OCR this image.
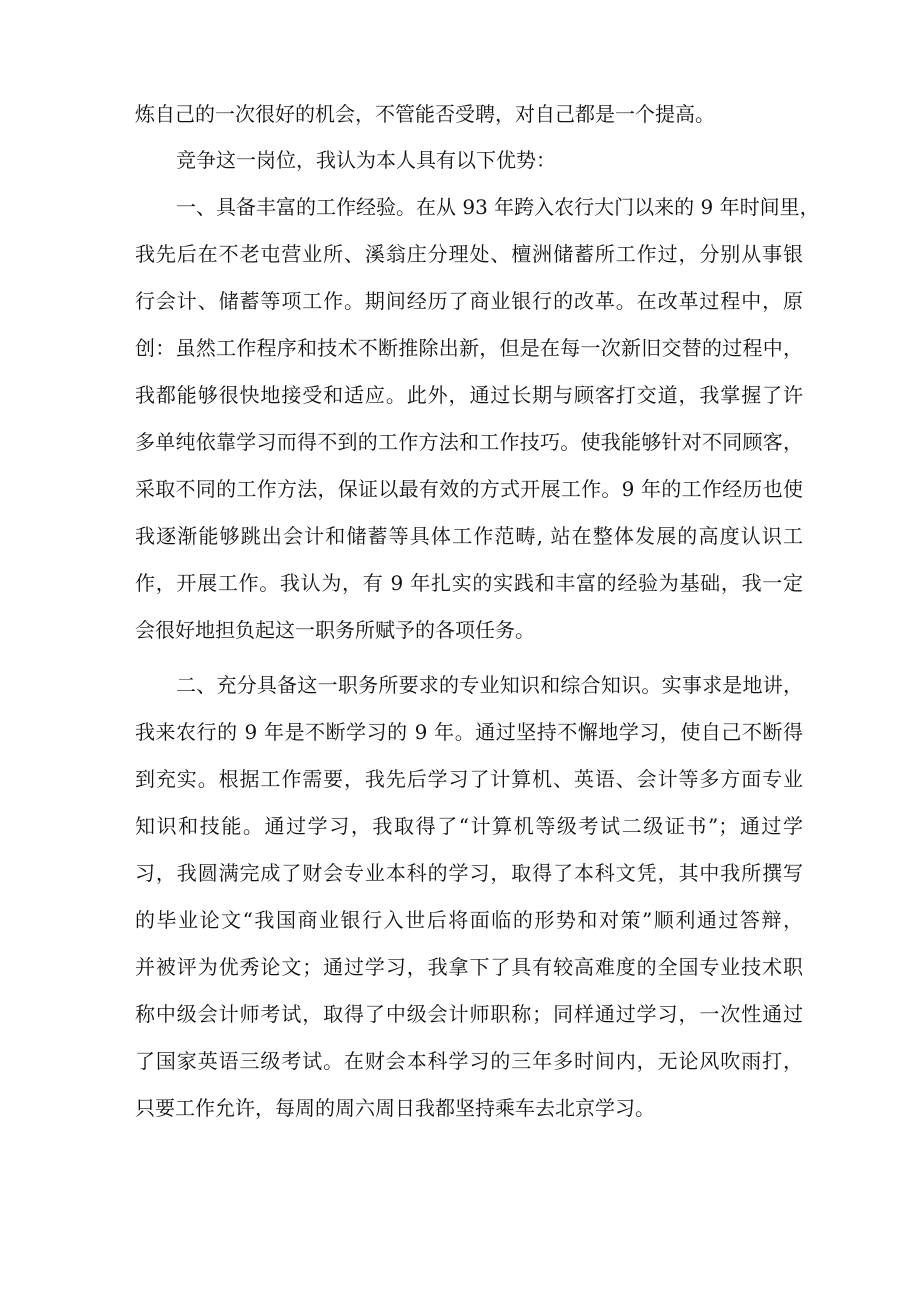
炼自己的一次很好的机会，不管能否受聘，对自己都是一个提高。
竞争这一岗位，我认为本人具有以下优势：
一、具备丰富的工作经验。在从 93 年跨入农行大门以来的 9 年时间里，
我先后在不老屯营业所、溪翁庄分理处、檀洲储蓄所工作过，分别从事银
行会计、储蓄等项工作。期间经历了商业银行的改革。在改革过程中，原
创：虽然工作程序和技术不断推除出新，但是在每一次新旧交替的过程中，
我都能够很快地接受和适应。此外，通过长期与顾客打交道，我掌握了许
多单纯依靠学习而得不到的工作方法和工作技巧。使我能够针对不同顾客，
采取不同的工作方法，保证以最有效的方式开展工作。9 年的工作经历也使
我逐渐能够跳出会计和储蓄等具体工作范畴, 站在整体发展的高度认识工
作，开展工作。我认为，有 9 年扎实的实践和丰富的经验为基础，我一定
会很好地担负起这一职务所赋予的各项任务。
二、充分具备这一职务所要求的专业知识和综合知识。实事求是地讲，
我来农行的 9 年是不断学习的 9 年。通过坚持不懈地学习，使自己不断得
到充实。根据工作需要，我先后学习了计算机、英语、会计等多方面专业
知识和技能。通过学习，我取得了“计算机等级考试二级证书”；通过学
习，我圆满完成了财会专业本科的学习，取得了本科文凭，其中我所撰写
的毕业论文“我国商业银行入世后将面临的形势和对策”顺利通过答辩，
并被评为优秀论文；通过学习，我拿下了具有较高难度的全国专业技术职
称中级会计师考试，取得了中级会计师职称；同样通过学习，一次性通过
了国家英语三级考试。在财会本科学习的三年多时间内，无论风吹雨打，
只要工作允许，每周的周六周日我都坚持乘车去北京学习。
